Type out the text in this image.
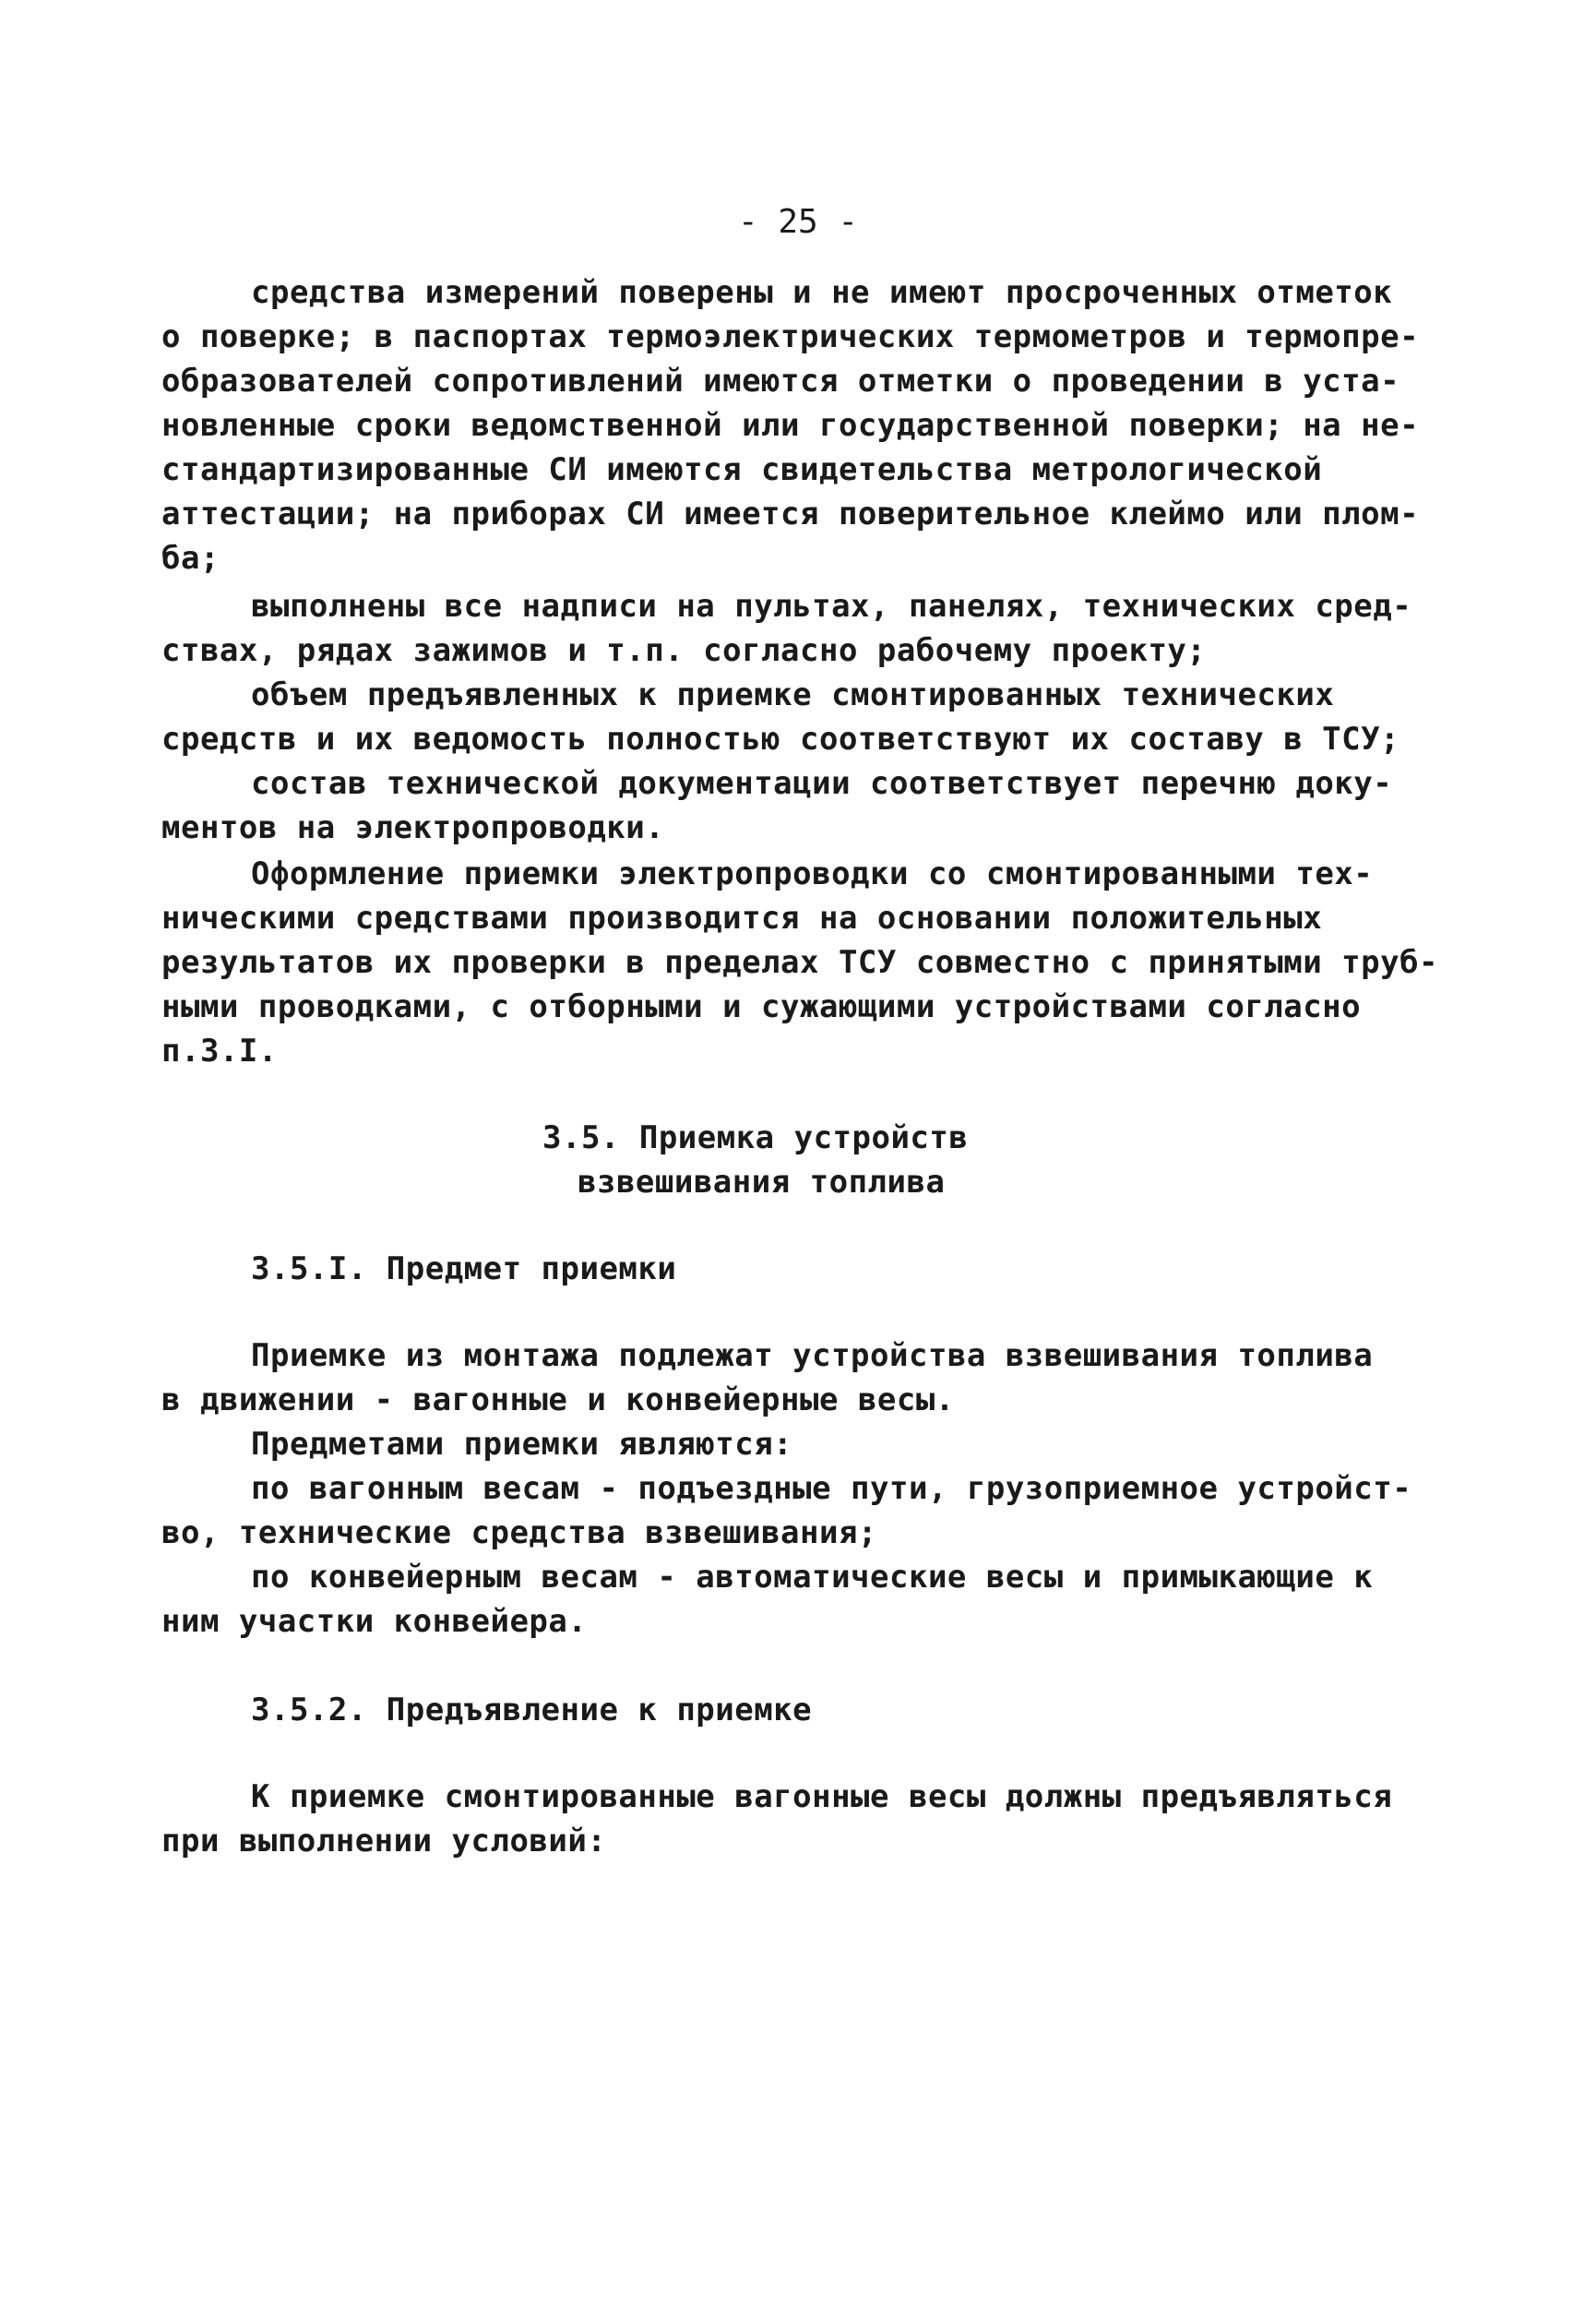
- 25 -
средства измерений поверены и не имеют просроченных отметок
о поверке; в паспортах термоэлектрических термометров и термопре-
образователей сопротивлений имеются отметки о проведении в уста-
новленные сроки ведомственной или государственной поверки; на не-
стандартизированные СИ имеются свидетельства метрологической
аттестации; на приборах СИ имеется поверительное клеймо или плом-
ба;
выполнены все надписи на пультах, панелях, технических сред-
ствах, рядах зажимов и т.п. согласно рабочему проекту;
объем предъявленных к приемке смонтированных технических
средств и их ведомость полностью соответствуют их составу в ТСУ;
состав технической документации соответствует перечню доку-
ментов на электропроводки.
Оформление приемки электропроводки со смонтированными тех-
ническими средствами производится на основании положительных
результатов их проверки в пределах ТСУ совместно с принятыми труб-
ными проводками, с отборными и сужающими устройствами согласно
п.3.I.
3.5. Приемка устройств
взвешивания топлива
3.5.I. Предмет приемки
Приемке из монтажа подлежат устройства взвешивания топлива
в движении - вагонные и конвейерные весы.
Предметами приемки являются:
по вагонным весам - подъездные пути, грузоприемное устройст-
во, технические средства взвешивания;
по конвейерным весам - автоматические весы и примыкающие к
ним участки конвейера.
3.5.2. Предъявление к приемке
К приемке смонтированные вагонные весы должны предъявляться
при выполнении условий:
